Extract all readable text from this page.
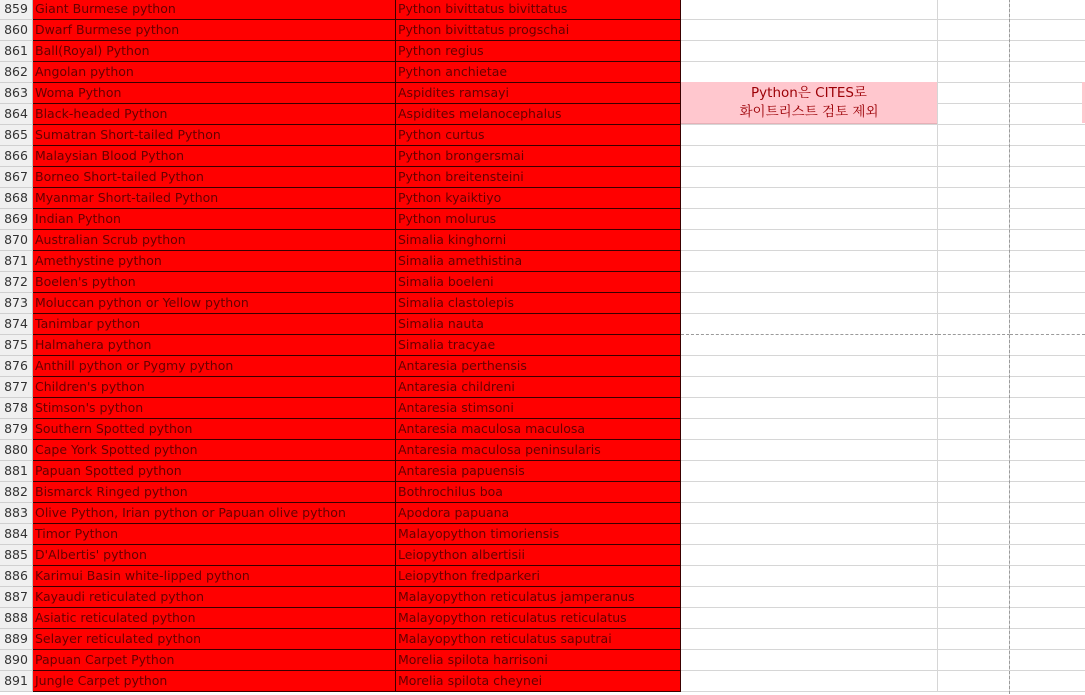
859 Giant Burmese python	Python bivittatus bivittatus
860 Dwarf Burmese python	Python bivittatus progschai
861 Ball(Royal) Python	Python regius
862 Angolan python	Python anchietae
863 Woma Python	Aspidites ramsayi
864 Black-headed Python	Aspidites melanocephalus
865 Sumatran Short-tailed Python	Python curtus
866 Malaysian Blood Python	Python brongersmai
867 Borneo Short-tailed Python	Python breitensteini
868 Myanmar Short-tailed Python	Python kyaiktiyo
869 Indian Python	Python molurus
870 Australian Scrub python	Simalia kinghorni
871 Amethystine python	Simalia amethistina
872 Boelen's python	Simalia boeleni
873 Moluccan python or Yellow python	Simalia clastolepis
874 Tanimbar python	Simalia nauta
875 Halmahera python	Simalia tracyae
876 Anthill python or Pygmy python	Antaresia perthensis
877 Children's python	Antaresia childreni
878 Stimson's python	Antaresia stimsoni
879 Southern Spotted python	Antaresia maculosa maculosa
880 Cape York Spotted python	Antaresia maculosa peninsularis
881 Papuan Spotted python	Antaresia papuensis
882 Bismarck Ringed python	Bothrochilus boa
883 Olive Python, Irian python or Papuan olive python	Apodora papuana
884 Timor Python	Malayopython timoriensis
885 D'Albertis' python	Leiopython albertisii
886 Karimui Basin white-lipped python	Leiopython fredparkeri
887 Kayaudi reticulated python	Malayopython reticulatus jamperanus
888 Asiatic reticulated python	Malayopython reticulatus reticulatus
889 Selayer reticulated python	Malayopython reticulatus saputrai
890 Papuan Carpet Python	Morelia spilota harrisoni
891 Jungle Carpet python	Morelia spilota cheynei
Python은 CITES로
화이트리스트 검토 제외
